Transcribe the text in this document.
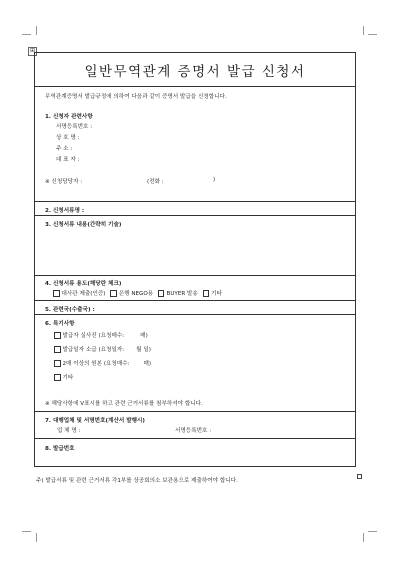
⊞
일반무역관계 증명서 발급 신청서
무역관계증명서 발급규정에 의하여 다음과 같이 증명서 발급을 신청합니다.
1. 신청자 관련사항
서명등록번호 :
상 호 명 :
주 소 :
대 표 자 :
※ 신청담당자 :	(전화 :	)
2. 신청서류명 :
3. 신청서류 내용(간략히 기술)
4. 신청서류 용도(해당란 체크)
대사관 제출(인증) 은행 NEGO용 BUYER 발송 기타
5. 관련국(수출국) :
6. 특기사항
발급자 실사진 (요청매수:	매)
발급일자 소급 (요청일자: 월 일)
2매 이상의 원본 (요청매수:	매)
기타
※ 해당사항에 V표시를 하고 관련 근거서류를 첨부하셔야 합니다.
7. 대행업체 및 서명번호(계산서 발행시)
업 체 명 :	서명등록번호 :
8. 발급번호
주) 발급서류 및 관련 근거서류 각1부를 상공회의소 보관용으로 제출하여야 합니다.
